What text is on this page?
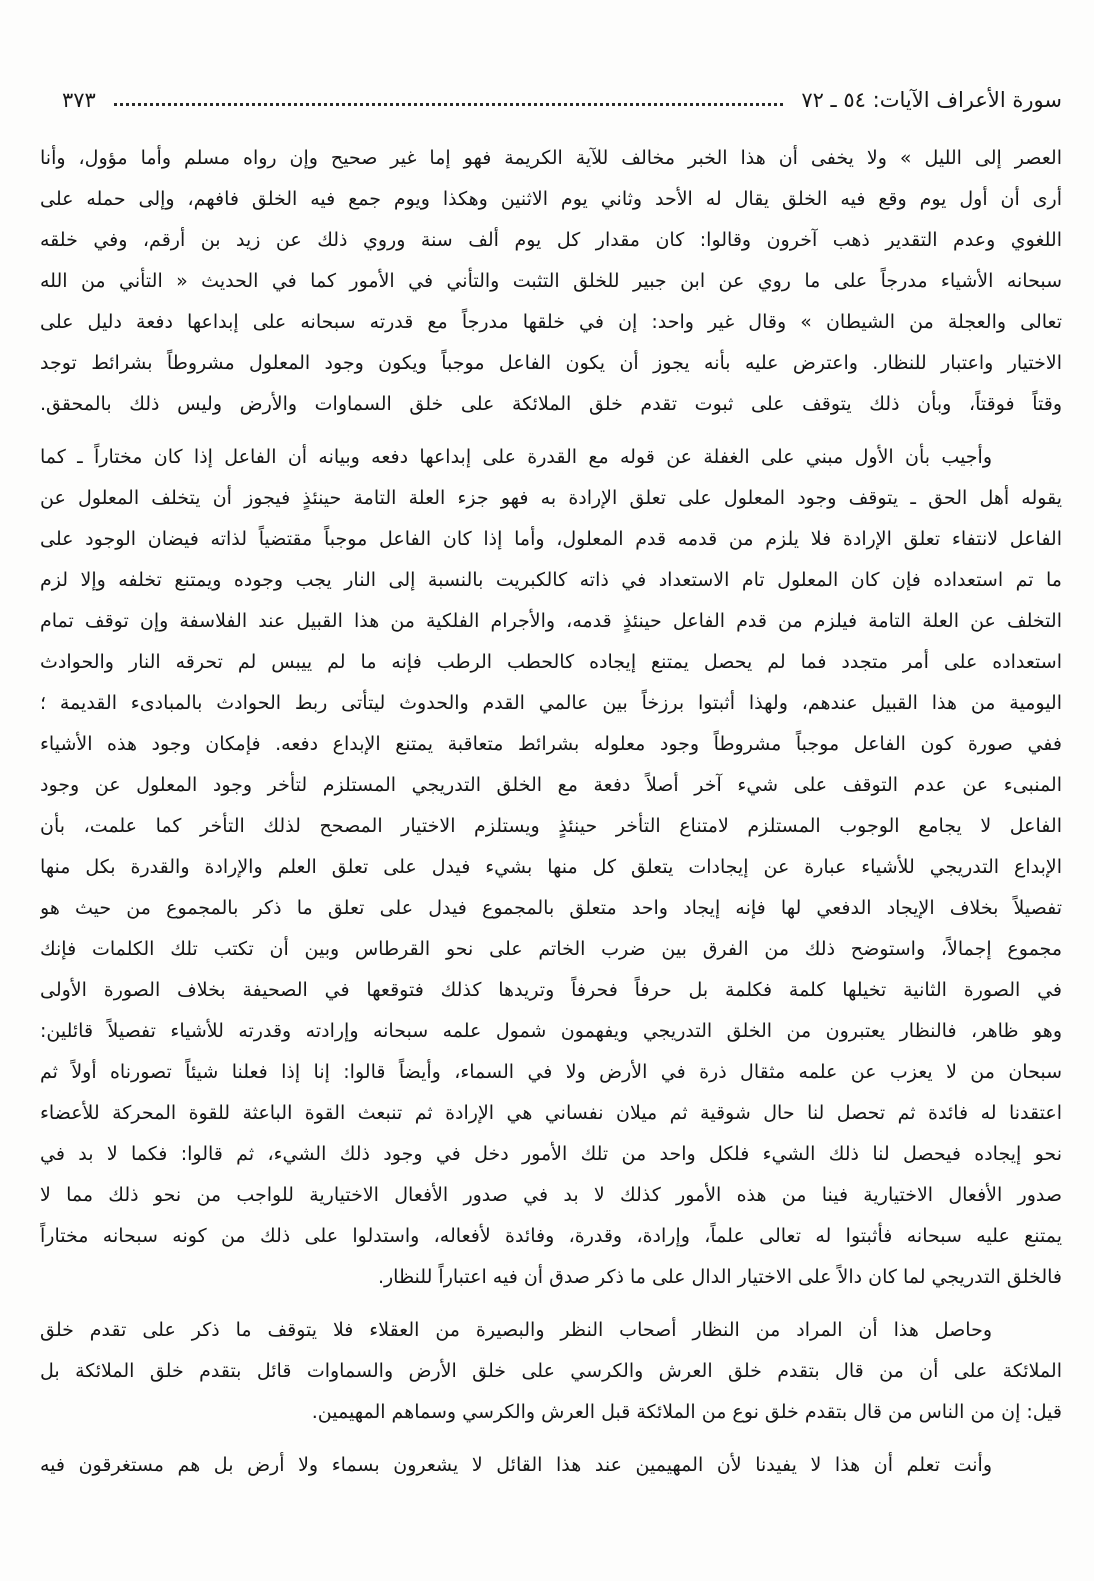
سورة الأعراف الآيات: ٥٤ ـ ٧٢
٣٧٣
العصر إلى الليل » ولا يخفى أن هذا الخبر مخالف للآية الكريمة فهو إما غير صحيح وإن رواه مسلم وأما مؤول، وأنا
أرى أن أول يوم وقع فيه الخلق يقال له الأحد وثاني يوم الاثنين وهكذا ويوم جمع فيه الخلق فافهم، وإلى حمله على
اللغوي وعدم التقدير ذهب آخرون وقالوا: كان مقدار كل يوم ألف سنة وروي ذلك عن زيد بن أرقم، وفي خلقه
سبحانه الأشياء مدرجاً على ما روي عن ابن جبير للخلق التثبت والتأني في الأمور كما في الحديث « التأني من الله
تعالى والعجلة من الشيطان » وقال غير واحد: إن في خلقها مدرجاً مع قدرته سبحانه على إبداعها دفعة دليل على
الاختيار واعتبار للنظار. واعترض عليه بأنه يجوز أن يكون الفاعل موجباً ويكون وجود المعلول مشروطاً بشرائط توجد
وقتاً فوقتاً، وبأن ذلك يتوقف على ثبوت تقدم خلق الملائكة على خلق السماوات والأرض وليس ذلك بالمحقق.
وأجيب بأن الأول مبني على الغفلة عن قوله مع القدرة على إبداعها دفعه وبيانه أن الفاعل إذا كان مختاراً ـ كما
يقوله أهل الحق ـ يتوقف وجود المعلول على تعلق الإرادة به فهو جزء العلة التامة حينئذٍ فيجوز أن يتخلف المعلول عن
الفاعل لانتفاء تعلق الإرادة فلا يلزم من قدمه قدم المعلول، وأما إذا كان الفاعل موجباً مقتضياً لذاته فيضان الوجود على
ما تم استعداده فإن كان المعلول تام الاستعداد في ذاته كالكبريت بالنسبة إلى النار يجب وجوده ويمتنع تخلفه وإلا لزم
التخلف عن العلة التامة فيلزم من قدم الفاعل حينئذٍ قدمه، والأجرام الفلكية من هذا القبيل عند الفلاسفة وإن توقف تمام
استعداده على أمر متجدد فما لم يحصل يمتنع إيجاده كالحطب الرطب فإنه ما لم ييبس لم تحرقه النار والحوادث
اليومية من هذا القبيل عندهم، ولهذا أثبتوا برزخاً بين عالمي القدم والحدوث ليتأتى ربط الحوادث بالمبادىء القديمة ؛
ففي صورة كون الفاعل موجباً مشروطاً وجود معلوله بشرائط متعاقبة يمتنع الإبداع دفعه. فإمكان وجود هذه الأشياء
المنبىء عن عدم التوقف على شيء آخر أصلاً دفعة مع الخلق التدريجي المستلزم لتأخر وجود المعلول عن وجود
الفاعل لا يجامع الوجوب المستلزم لامتناع التأخر حينئذٍ ويستلزم الاختيار المصحح لذلك التأخر كما علمت، بأن
الإبداع التدريجي للأشياء عبارة عن إيجادات يتعلق كل منها بشيء فيدل على تعلق العلم والإرادة والقدرة بكل منها
تفصيلاً بخلاف الإيجاد الدفعي لها فإنه إيجاد واحد متعلق بالمجموع فيدل على تعلق ما ذكر بالمجموع من حيث هو
مجموع إجمالاً، واستوضح ذلك من الفرق بين ضرب الخاتم على نحو القرطاس وبين أن تكتب تلك الكلمات فإنك
في الصورة الثانية تخيلها كلمة فكلمة بل حرفاً فحرفاً وتريدها كذلك فتوقعها في الصحيفة بخلاف الصورة الأولى
وهو ظاهر، فالنظار يعتبرون من الخلق التدريجي ويفهمون شمول علمه سبحانه وإرادته وقدرته للأشياء تفصيلاً قائلين:
سبحان من لا يعزب عن علمه مثقال ذرة في الأرض ولا في السماء، وأيضاً قالوا: إنا إذا فعلنا شيئاً تصورناه أولاً ثم
اعتقدنا له فائدة ثم تحصل لنا حال شوقية ثم ميلان نفساني هي الإرادة ثم تنبعث القوة الباعثة للقوة المحركة للأعضاء
نحو إيجاده فيحصل لنا ذلك الشيء فلكل واحد من تلك الأمور دخل في وجود ذلك الشيء، ثم قالوا: فكما لا بد في
صدور الأفعال الاختيارية فينا من هذه الأمور كذلك لا بد في صدور الأفعال الاختيارية للواجب من نحو ذلك مما لا
يمتنع عليه سبحانه فأثبتوا له تعالى علماً، وإرادة، وقدرة، وفائدة لأفعاله، واستدلوا على ذلك من كونه سبحانه مختاراً
فالخلق التدريجي لما كان دالاً على الاختيار الدال على ما ذكر صدق أن فيه اعتباراً للنظار.
وحاصل هذا أن المراد من النظار أصحاب النظر والبصيرة من العقلاء فلا يتوقف ما ذكر على تقدم خلق
الملائكة على أن من قال بتقدم خلق العرش والكرسي على خلق الأرض والسماوات قائل بتقدم خلق الملائكة بل
قيل: إن من الناس من قال بتقدم خلق نوع من الملائكة قبل العرش والكرسي وسماهم المهيمين.
وأنت تعلم أن هذا لا يفيدنا لأن المهيمين عند هذا القائل لا يشعرون بسماء ولا أرض بل هم مستغرقون فيه
